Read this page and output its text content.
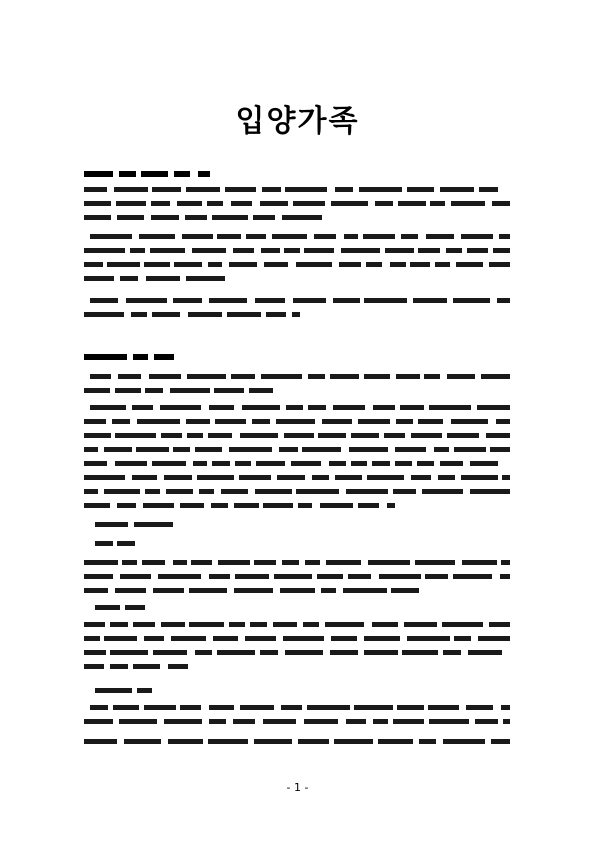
입양가족
- 1 -
